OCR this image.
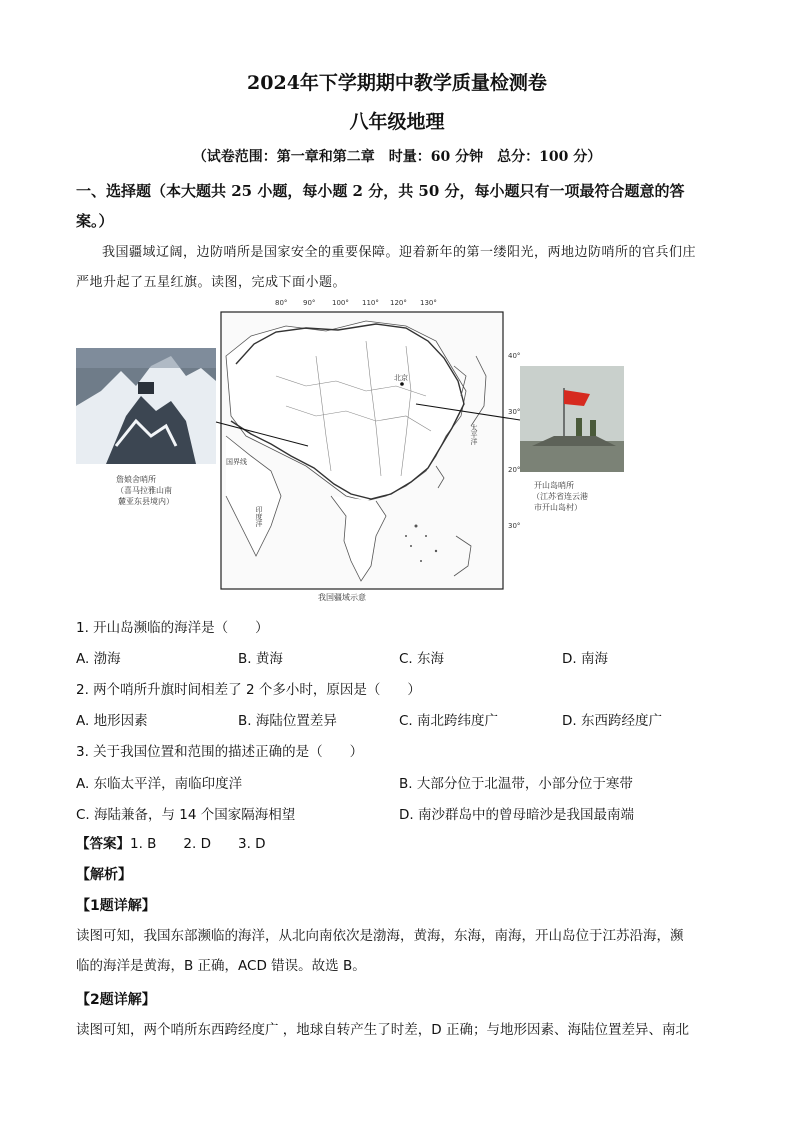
2024年下学期期中教学质量检测卷
八年级地理
（试卷范围：第一章和第二章　时量：60 分钟　总分：100 分）
一、选择题（本大题共 25 小题，每小题 2 分，共 50 分，每小题只有一项最符合题意的答
案。）
我国疆域辽阔，边防哨所是国家安全的重要保障。迎着新年的第一缕阳光，两地边防哨所的官兵们庄
严地升起了五星红旗。读图，完成下面小题。
80° 90° 100° 110° 120° 130°
北京
国界线
太平洋
印度洋
40°
30°
20°
30°
詹娘舍哨所
（喜马拉雅山南
麓亚东县境内）
开山岛哨所
（江苏省连云港
市开山岛村）
我国疆域示意
1. 开山岛濒临的海洋是（　　）
A. 渤海	B. 黄海	C. 东海	D. 南海
2. 两个哨所升旗时间相差了 2 个多小时，原因是（　　）
A. 地形因素	B. 海陆位置差异	C. 南北跨纬度广	D. 东西跨经度广
3. 关于我国位置和范围的描述正确的是（　　）
A. 东临太平洋，南临印度洋	B. 大部分位于北温带，小部分位于寒带
C. 海陆兼备，与 14 个国家隔海相望	D. 南沙群岛中的曾母暗沙是我国最南端
【答案】1. B　　2. D　　3. D
【解析】
【1题详解】
读图可知，我国东部濒临的海洋，从北向南依次是渤海，黄海，东海，南海，开山岛位于江苏沿海，濒
临的海洋是黄海，B 正确，ACD 错误。故选 B。
【2题详解】
读图可知，两个哨所东西跨经度广 ，地球自转产生了时差，D 正确；与地形因素、海陆位置差异、南北
